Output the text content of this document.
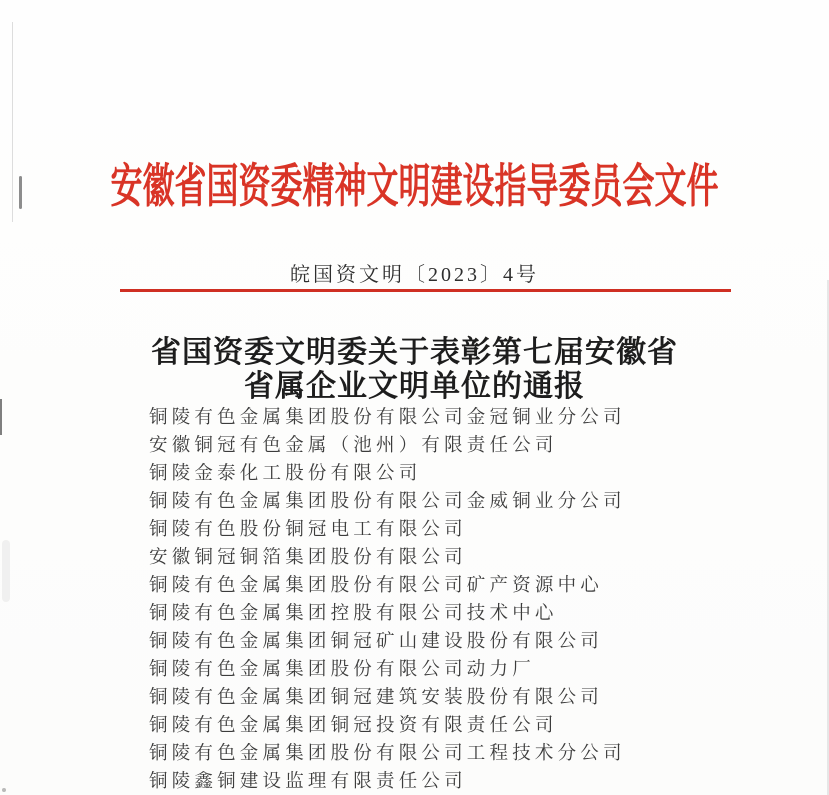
安徽省国资委精神文明建设指导委员会文件
皖国资文明〔2023〕4号
省国资委文明委关于表彰第七届安徽省
省属企业文明单位的通报
铜陵有色金属集团股份有限公司金冠铜业分公司
安徽铜冠有色金属（池州）有限责任公司
铜陵金泰化工股份有限公司
铜陵有色金属集团股份有限公司金威铜业分公司
铜陵有色股份铜冠电工有限公司
安徽铜冠铜箔集团股份有限公司
铜陵有色金属集团股份有限公司矿产资源中心
铜陵有色金属集团控股有限公司技术中心
铜陵有色金属集团铜冠矿山建设股份有限公司
铜陵有色金属集团股份有限公司动力厂
铜陵有色金属集团铜冠建筑安装股份有限公司
铜陵有色金属集团铜冠投资有限责任公司
铜陵有色金属集团股份有限公司工程技术分公司
铜陵鑫铜建设监理有限责任公司
